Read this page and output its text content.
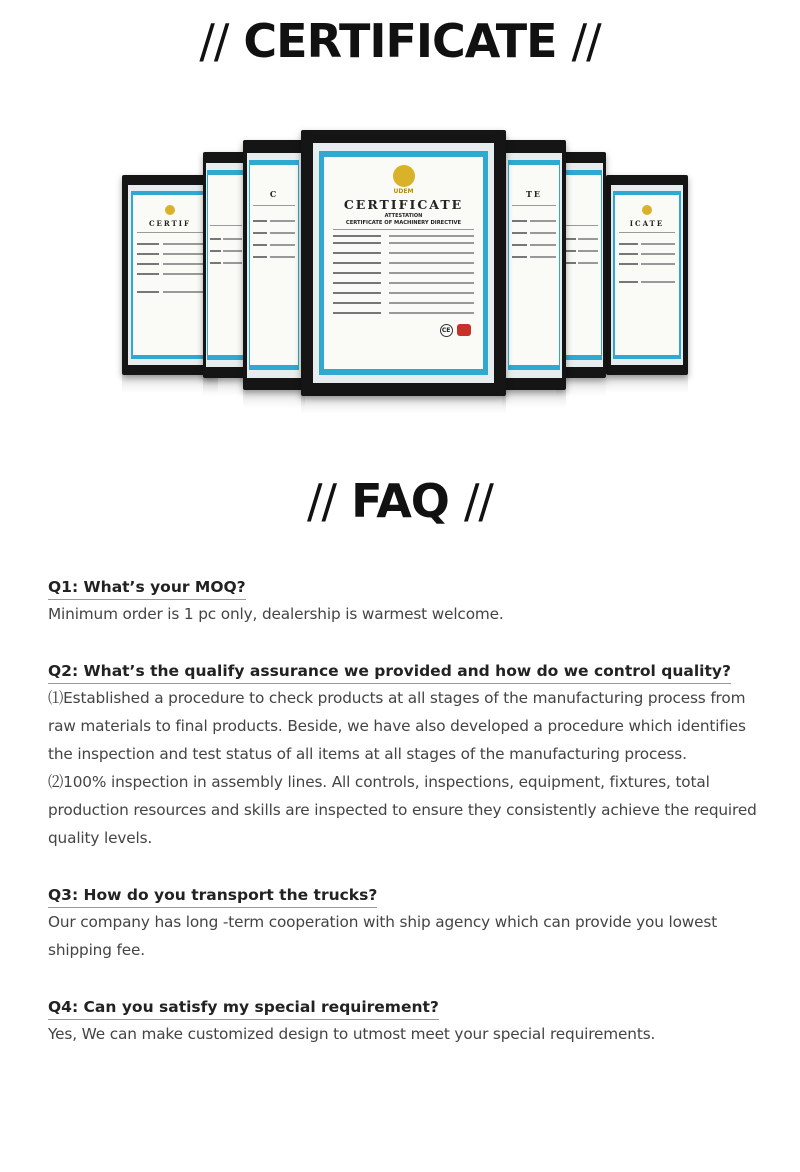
// CERTIFICATE //
CERTIF	ICATE
C	TE
UDEM
CERTIFICATE
ATTESTATION
CERTIFICATE OF MACHINERY DIRECTIVE
CE
// FAQ //
Q1: What’s your MOQ?

Minimum order is 1 pc only, dealership is warmest welcome.

Q2: What’s the qualify assurance we provided and how do we control quality?

⑴Established a procedure to check products at all stages of the manufacturing process from raw materials to final products. Beside, we have also developed a procedure which identifies the inspection and test status of all items at all stages of the manufacturing process.

⑵100% inspection in assembly lines. All controls, inspections, equipment, fixtures, total production resources and skills are inspected to ensure they consistently achieve the required quality levels.

Q3: How do you transport the trucks?

Our company has long -term cooperation with ship agency which can provide you lowest shipping fee.

Q4: Can you satisfy my special requirement?

Yes, We can make customized design to utmost meet your special requirements.
